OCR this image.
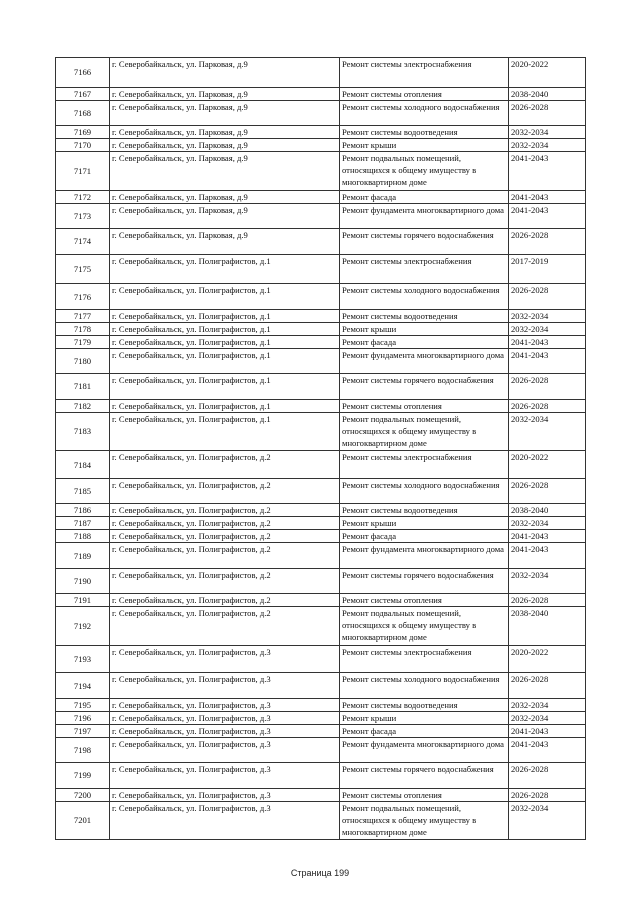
7166	г. Северобайкальск, ул. Парковая, д.9	Ремонт системы электроснабжения	2020-2022
7167	г. Северобайкальск, ул. Парковая, д.9	Ремонт системы отопления	2038-2040
7168	г. Северобайкальск, ул. Парковая, д.9	Ремонт системы холодного водоснабжения	2026-2028
7169	г. Северобайкальск, ул. Парковая, д.9	Ремонт системы водоотведения	2032-2034
7170	г. Северобайкальск, ул. Парковая, д.9	Ремонт крыши	2032-2034
7171	г. Северобайкальск, ул. Парковая, д.9	Ремонт подвальных помещений, относящихся к общему имуществу в многоквартирном доме	2041-2043
7172	г. Северобайкальск, ул. Парковая, д.9	Ремонт фасада	2041-2043
7173	г. Северобайкальск, ул. Парковая, д.9	Ремонт фундамента многоквартирного дома	2041-2043
7174	г. Северобайкальск, ул. Парковая, д.9	Ремонт системы горячего водоснабжения	2026-2028
7175	г. Северобайкальск, ул. Полиграфистов, д.1	Ремонт системы электроснабжения	2017-2019
7176	г. Северобайкальск, ул. Полиграфистов, д.1	Ремонт системы холодного водоснабжения	2026-2028
7177	г. Северобайкальск, ул. Полиграфистов, д.1	Ремонт системы водоотведения	2032-2034
7178	г. Северобайкальск, ул. Полиграфистов, д.1	Ремонт крыши	2032-2034
7179	г. Северобайкальск, ул. Полиграфистов, д.1	Ремонт фасада	2041-2043
7180	г. Северобайкальск, ул. Полиграфистов, д.1	Ремонт фундамента многоквартирного дома	2041-2043
7181	г. Северобайкальск, ул. Полиграфистов, д.1	Ремонт системы горячего водоснабжения	2026-2028
7182	г. Северобайкальск, ул. Полиграфистов, д.1	Ремонт системы отопления	2026-2028
7183	г. Северобайкальск, ул. Полиграфистов, д.1	Ремонт подвальных помещений, относящихся к общему имуществу в многоквартирном доме	2032-2034
7184	г. Северобайкальск, ул. Полиграфистов, д.2	Ремонт системы электроснабжения	2020-2022
7185	г. Северобайкальск, ул. Полиграфистов, д.2	Ремонт системы холодного водоснабжения	2026-2028
7186	г. Северобайкальск, ул. Полиграфистов, д.2	Ремонт системы водоотведения	2038-2040
7187	г. Северобайкальск, ул. Полиграфистов, д.2	Ремонт крыши	2032-2034
7188	г. Северобайкальск, ул. Полиграфистов, д.2	Ремонт фасада	2041-2043
7189	г. Северобайкальск, ул. Полиграфистов, д.2	Ремонт фундамента многоквартирного дома	2041-2043
7190	г. Северобайкальск, ул. Полиграфистов, д.2	Ремонт системы горячего водоснабжения	2032-2034
7191	г. Северобайкальск, ул. Полиграфистов, д.2	Ремонт системы отопления	2026-2028
7192	г. Северобайкальск, ул. Полиграфистов, д.2	Ремонт подвальных помещений, относящихся к общему имуществу в многоквартирном доме	2038-2040
7193	г. Северобайкальск, ул. Полиграфистов, д.3	Ремонт системы электроснабжения	2020-2022
7194	г. Северобайкальск, ул. Полиграфистов, д.3	Ремонт системы холодного водоснабжения	2026-2028
7195	г. Северобайкальск, ул. Полиграфистов, д.3	Ремонт системы водоотведения	2032-2034
7196	г. Северобайкальск, ул. Полиграфистов, д.3	Ремонт крыши	2032-2034
7197	г. Северобайкальск, ул. Полиграфистов, д.3	Ремонт фасада	2041-2043
7198	г. Северобайкальск, ул. Полиграфистов, д.3	Ремонт фундамента многоквартирного дома	2041-2043
7199	г. Северобайкальск, ул. Полиграфистов, д.3	Ремонт системы горячего водоснабжения	2026-2028
7200	г. Северобайкальск, ул. Полиграфистов, д.3	Ремонт системы отопления	2026-2028
7201	г. Северобайкальск, ул. Полиграфистов, д.3	Ремонт подвальных помещений, относящихся к общему имуществу в многоквартирном доме	2032-2034
Страница 199
